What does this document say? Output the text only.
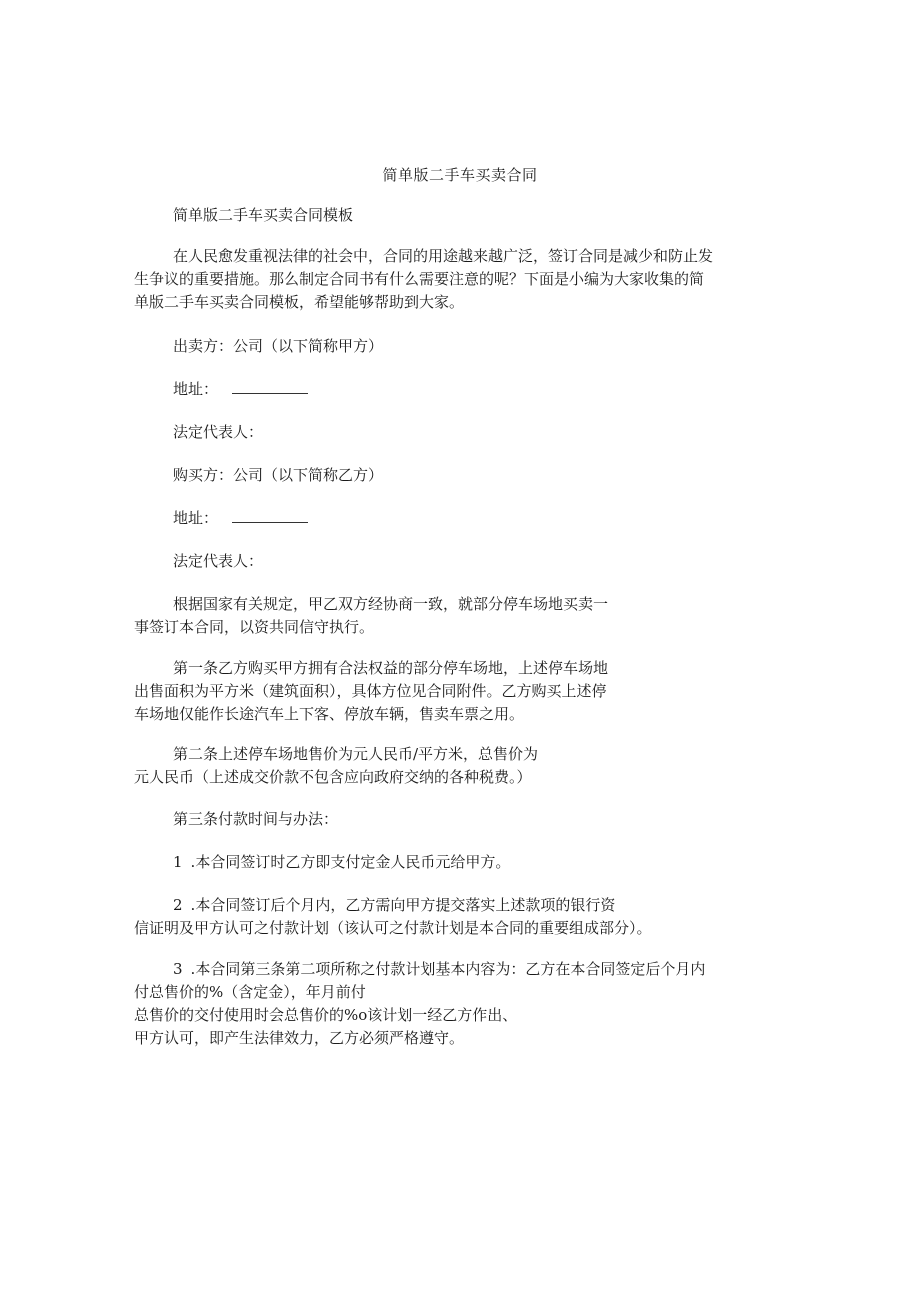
简单版二手车买卖合同
简单版二手车买卖合同模板
在人民愈发重视法律的社会中，合同的用途越来越广泛，签订合同是减少和防止发
生争议的重要措施。那么制定合同书有什么需要注意的呢？下面是小编为大家收集的简
单版二手车买卖合同模板，希望能够帮助到大家。
出卖方：公司（以下简称甲方）
地址：
法定代表人：
购买方：公司（以下简称乙方）
地址：
法定代表人：
根据国家有关规定，甲乙双方经协商一致，就部分停车场地买卖一
事签订本合同，以资共同信守执行。
第一条乙方购买甲方拥有合法权益的部分停车场地，上述停车场地
出售面积为平方米（建筑面积），具体方位见合同附件。乙方购买上述停
车场地仅能作长途汽车上下客、停放车辆，售卖车票之用。
第二条上述停车场地售价为元人民币/平方米，总售价为
元人民币（上述成交价款不包含应向政府交纳的各种税费。）
第三条付款时间与办法：
1 .本合同签订时乙方即支付定金人民币元给甲方。
2 .本合同签订后个月内，乙方需向甲方提交落实上述款项的银行资
信证明及甲方认可之付款计划（该认可之付款计划是本合同的重要组成部分）。
3 .本合同第三条第二项所称之付款计划基本内容为：乙方在本合同签定后个月内
付总售价的%（含定金），年月前付
总售价的交付使用时会总售价的%o该计划一经乙方作出、
甲方认可，即产生法律效力，乙方必须严格遵守。
